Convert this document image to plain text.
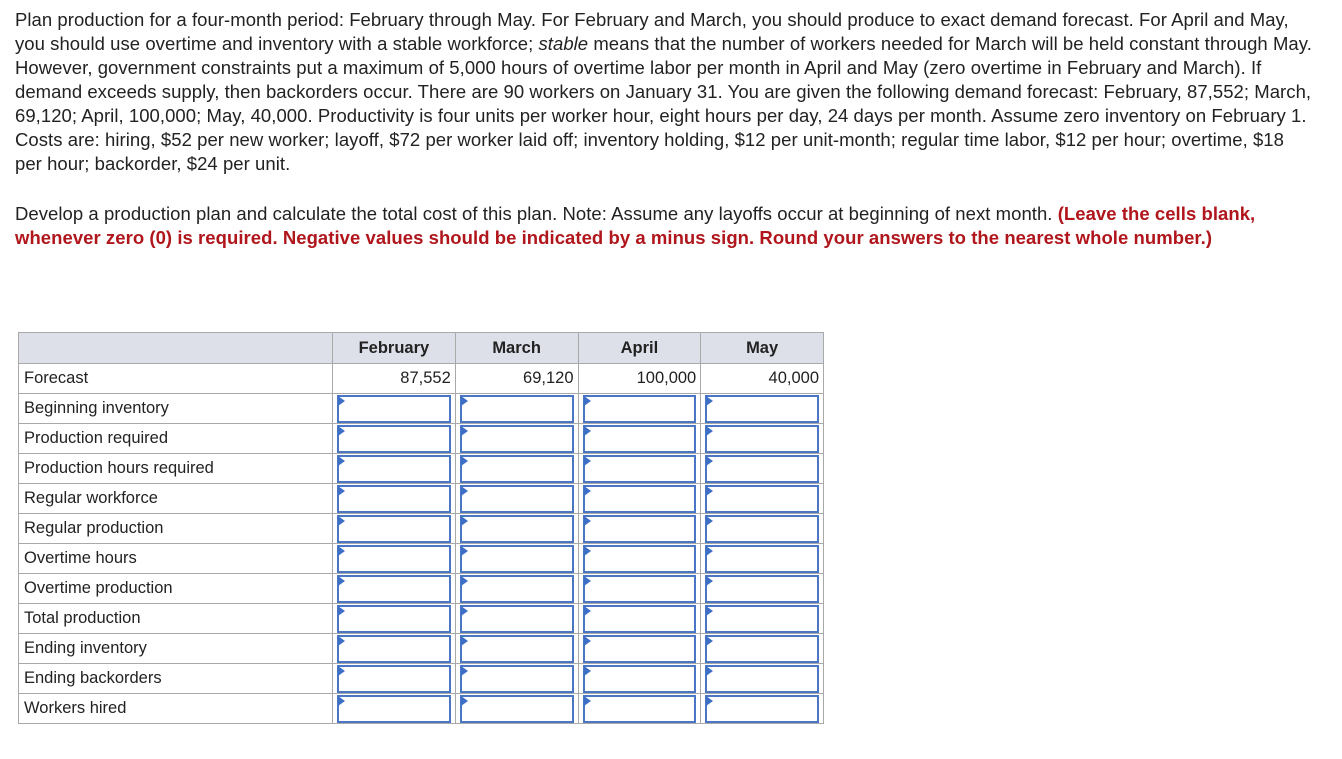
Plan production for a four-month period: February through May. For February and March, you should produce to exact demand forecast. For April and May, you should use overtime and inventory with a stable workforce; stable means that the number of workers needed for March will be held constant through May. However, government constraints put a maximum of 5,000 hours of overtime labor per month in April and May (zero overtime in February and March). If demand exceeds supply, then backorders occur. There are 90 workers on January 31. You are given the following demand forecast: February, 87,552; March, 69,120; April, 100,000; May, 40,000. Productivity is four units per worker hour, eight hours per day, 24 days per month. Assume zero inventory on February 1. Costs are: hiring, $52 per new worker; layoff, $72 per worker laid off; inventory holding, $12 per unit-month; regular time labor, $12 per hour; overtime, $18 per hour; backorder, $24 per unit.

Develop a production plan and calculate the total cost of this plan. Note: Assume any layoffs occur at beginning of next month. (Leave the cells blank, whenever zero (0) is required. Negative values should be indicated by a minus sign. Round your answers to the nearest whole number.)

	February	March	April	May
Forecast	87,552	69,120	100,000	40,000
Beginning inventory	

Production required	

Production hours required	

Regular workforce	

Regular production	

Overtime hours	

Overtime production	

Total production	

Ending inventory	

Ending backorders	

Workers hired	
